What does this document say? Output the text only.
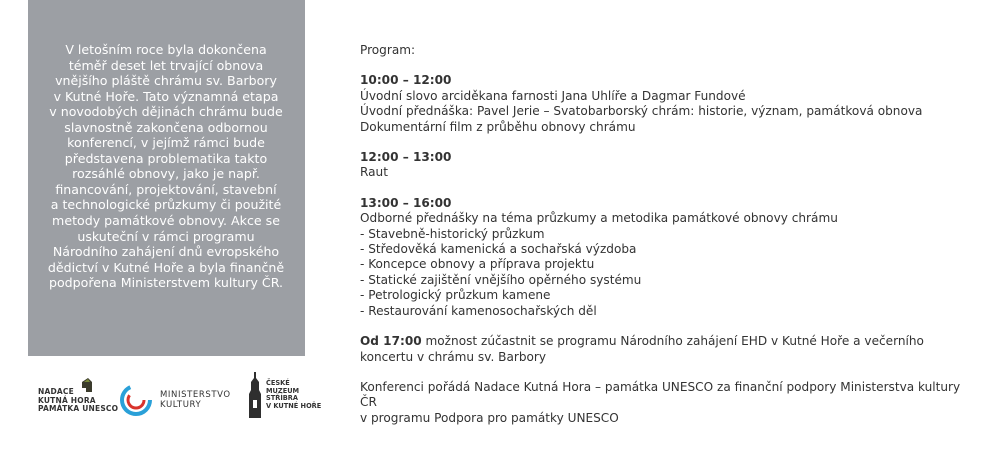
V letošním roce byla dokončena
téměř deset let trvající obnova
vnějšího pláště chrámu sv. Barbory
v Kutné Hoře. Tato významná etapa
v novodobých dějinách chrámu bude
slavnostně zakončena odbornou
konferencí, v jejímž rámci bude
představena problematika takto
rozsáhlé obnovy, jako je např.
financování, projektování, stavební
a technologické průzkumy či použité
metody památkové obnovy. Akce se
uskuteční v rámci programu
Národního zahájení dnů evropského
dědictví v Kutné Hoře a byla finančně
podpořena Ministerstvem kultury ČR.

Program:

10:00 – 12:00

Úvodní slovo arciděkana farnosti Jana Uhlíře a Dagmar Fundové

Úvodní přednáška: Pavel Jerie – Svatobarborský chrám: historie, význam, památková obnova

Dokumentární film z průběhu obnovy chrámu

12:00 – 13:00

Raut

13:00 – 16:00

Odborné přednášky na téma průzkumy a metodika památkové obnovy chrámu

- Stavebně-historický průzkum

- Středověká kamenická a sochařská výzdoba

- Koncepce obnovy a příprava projektu

- Statické zajištění vnějšího opěrného systému

- Petrologický průzkum kamene

- Restaurování kamenosochařských děl

Od 17:00 možnost zúčastnit se programu Národního zahájení EHD v Kutné Hoře a večerního

koncertu v chrámu sv. Barbory

Konferenci pořádá Nadace Kutná Hora – památka UNESCO za finanční podpory Ministerstva kultury ČR

v programu Podpora pro památky UNESCO

NADACE
KUTNÁ HORA
PAMÁTKA UNESCO
MINISTERSTVO
KULTURY
ČESKÉ
MUZEUM
STŘÍBRA
V KUTNÉ HOŘE
